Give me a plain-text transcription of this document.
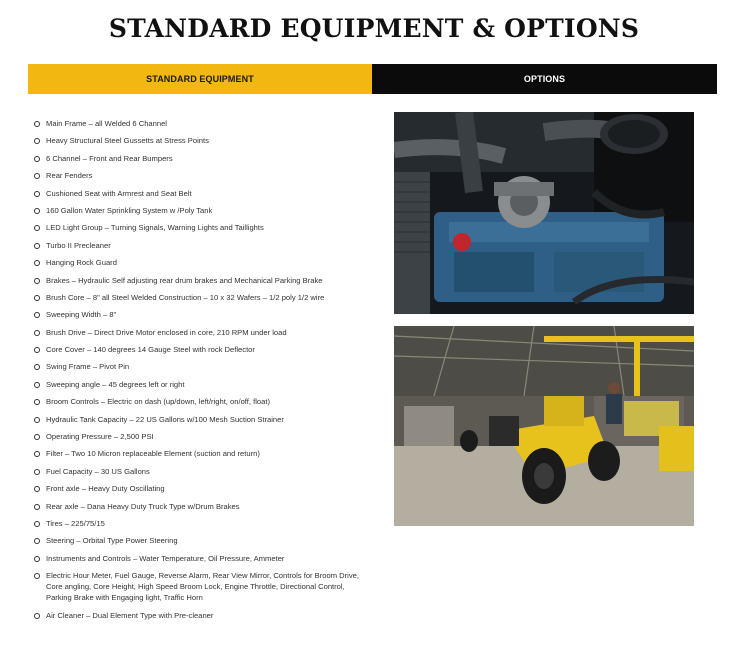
STANDARD EQUIPMENT & OPTIONS
STANDARD EQUIPMENT	OPTIONS
Main Frame – all Welded 6 Channel
Heavy Structural Steel Gussetts at Stress Points
6 Channel – Front and Rear Bumpers
Rear Fenders
Cushioned Seat with Armrest and Seat Belt
160 Gallon Water Sprinkling System w /Poly Tank
LED Light Group – Turning Signals, Warning Lights and Taillights
Turbo II Precleaner
Hanging Rock Guard
Brakes – Hydraulic Self adjusting rear drum brakes and Mechanical Parking Brake
Brush Core – 8" all Steel Welded Construction – 10 x 32 Wafers – 1/2 poly 1/2 wire
Sweeping Width – 8"
Brush Drive – Direct Drive Motor enclosed in core, 210 RPM under load
Core Cover – 140 degrees 14 Gauge Steel with rock Deflector
Swing Frame – Pivot Pin
Sweeping angle – 45 degrees left or right
Broom Controls – Electric on dash (up/down, left/right, on/off, float)
Hydraulic Tank Capacity – 22 US Gallons w/100 Mesh Suction Strainer
Operating Pressure – 2,500 PSI
Filter – Two 10 Micron replaceable Element (suction and return)
Fuel Capacity – 30 US Gallons
Front axle – Heavy Duty Oscillating
Rear axle – Dana Heavy Duty Truck Type w/Drum Brakes
Tires – 225/75/15
Steering – Orbital Type Power Steering
Instruments and Controls – Water Temperature, Oil Pressure, Ammeter
Electric Hour Meter, Fuel Gauge, Reverse Alarm, Rear View Mirror, Controls for Broom Drive, Core angling, Core Height, High Speed Broom Lock, Engine Throttle, Directional Control, Parking Brake with Engaging light, Traffic Horn
Air Cleaner – Dual Element Type with Pre-cleaner
